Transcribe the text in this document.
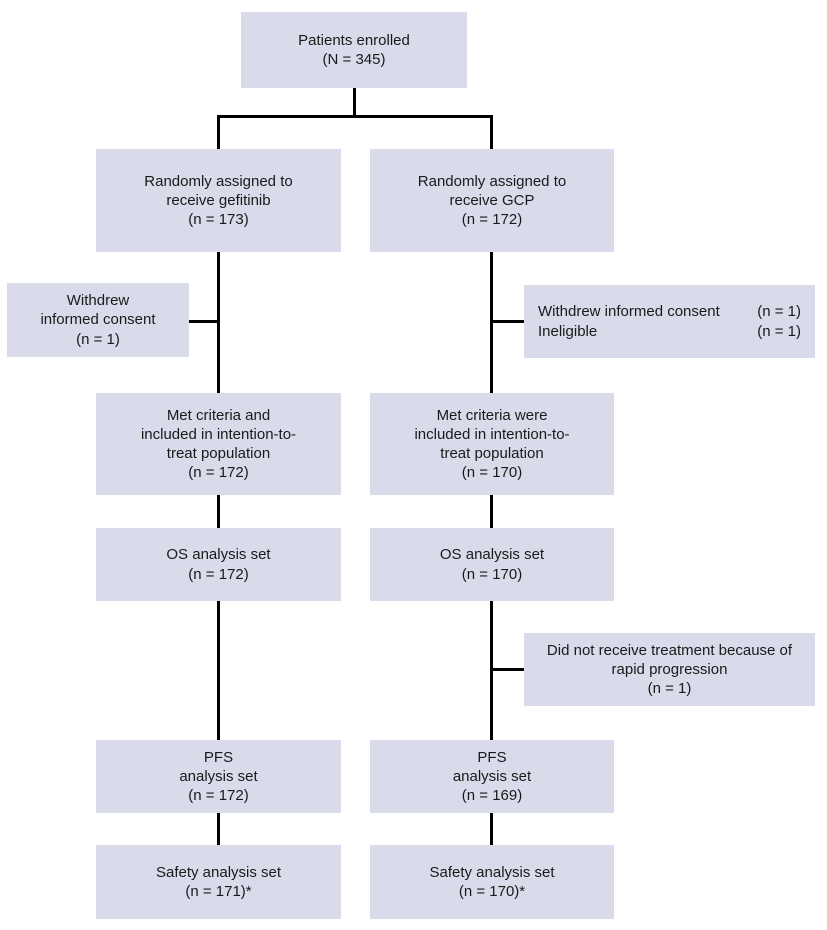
Patients enrolled
(N = 345)
Randomly assigned to
receive gefitinib
(n = 173)
Randomly assigned to
receive GCP
(n = 172)
Withdrew
informed consent
(n = 1)
Withdrew informed consent (n = 1)
Ineligible	(n = 1)
Met criteria and
included in intention-to-
treat population
(n = 172)
Met criteria were
included in intention-to-
treat population
(n = 170)
OS analysis set
(n = 172)
OS analysis set
(n = 170)
Did not receive treatment because of
rapid progression
(n = 1)
PFS
analysis set
(n = 172)
PFS
analysis set
(n = 169)
Safety analysis set
(n = 171)*
Safety analysis set
(n = 170)*
